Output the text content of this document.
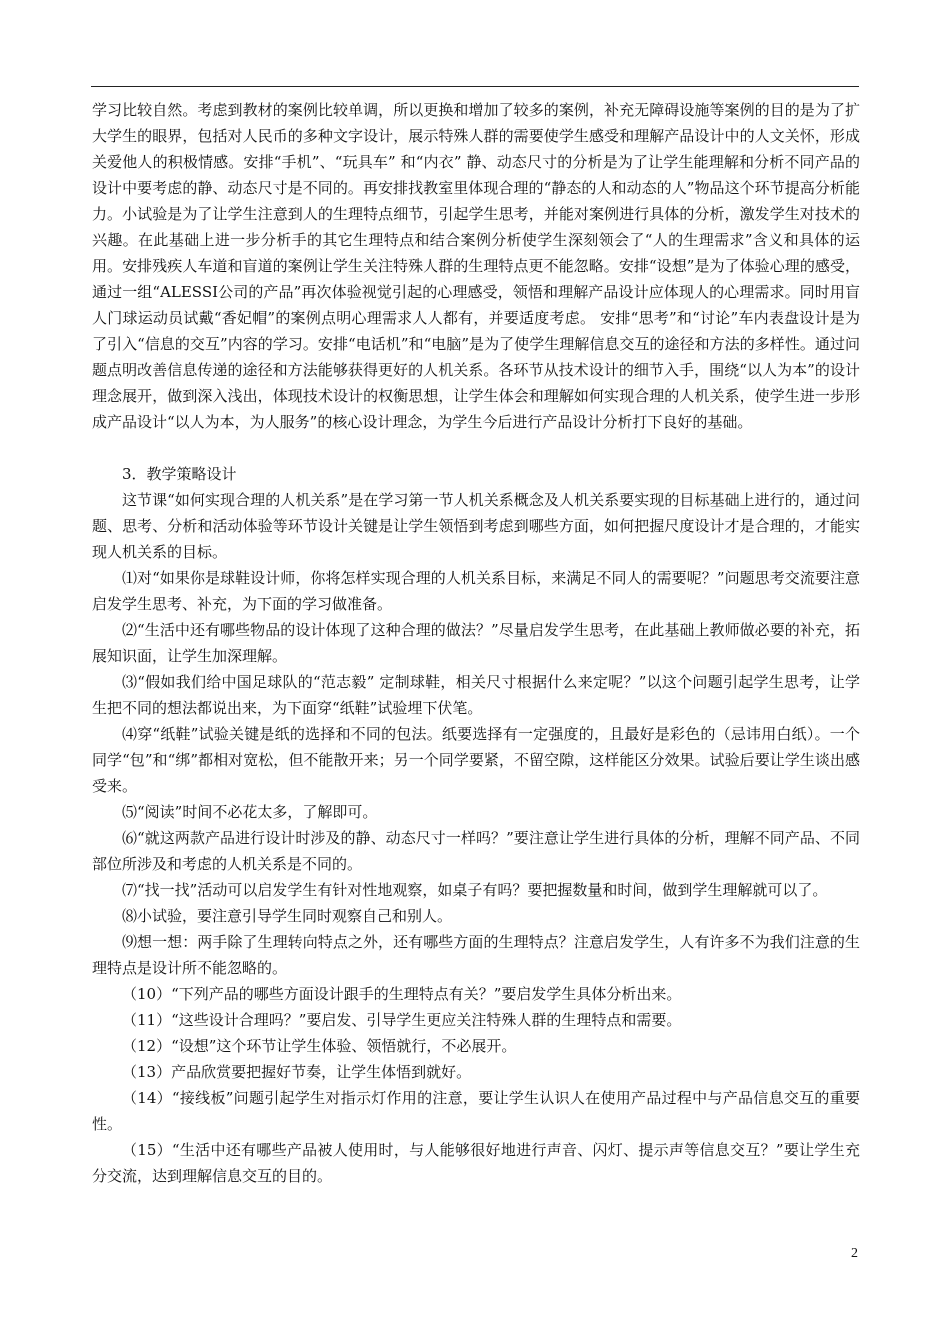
学习比较自然。考虑到教材的案例比较单调，所以更换和增加了较多的案例，补充无障碍设施等案例的目的是为了扩大学生的眼界，包括对人民币的多种文字设计，展示特殊人群的需要使学生感受和理解产品设计中的人文关怀，形成关爱他人的积极情感。安排“手机”、“玩具车” 和“内衣” 静、动态尺寸的分析是为了让学生能理解和分析不同产品的设计中要考虑的静、动态尺寸是不同的。再安排找教室里体现合理的“静态的人和动态的人”物品这个环节提高分析能力。小试验是为了让学生注意到人的生理特点细节，引起学生思考，并能对案例进行具体的分析，激发学生对技术的兴趣。在此基础上进一步分析手的其它生理特点和结合案例分析使学生深刻领会了“人的生理需求”含义和具体的运用。安排残疾人车道和盲道的案例让学生关注特殊人群的生理特点更不能忽略。安排“设想”是为了体验心理的感受，通过一组“ALESSI公司的产品”再次体验视觉引起的心理感受，领悟和理解产品设计应体现人的心理需求。同时用盲人门球运动员试戴“香妃帽”的案例点明心理需求人人都有，并要适度考虑。 安排“思考”和“讨论”车内表盘设计是为了引入“信息的交互”内容的学习。安排“电话机”和“电脑”是为了使学生理解信息交互的途径和方法的多样性。通过问题点明改善信息传递的途径和方法能够获得更好的人机关系。各环节从技术设计的细节入手，围绕“以人为本”的设计理念展开，做到深入浅出，体现技术设计的权衡思想，让学生体会和理解如何实现合理的人机关系，使学生进一步形成产品设计“以人为本，为人服务”的核心设计理念，为学生今后进行产品设计分析打下良好的基础。

3．教学策略设计

这节课“如何实现合理的人机关系”是在学习第一节人机关系概念及人机关系要实现的目标基础上进行的，通过问题、思考、分析和活动体验等环节设计关键是让学生领悟到考虑到哪些方面，如何把握尺度设计才是合理的，才能实现人机关系的目标。

⑴对“如果你是球鞋设计师，你将怎样实现合理的人机关系目标，来满足不同人的需要呢？”问题思考交流要注意启发学生思考、补充，为下面的学习做准备。

⑵“生活中还有哪些物品的设计体现了这种合理的做法？”尽量启发学生思考，在此基础上教师做必要的补充，拓展知识面，让学生加深理解。

⑶“假如我们给中国足球队的“范志毅” 定制球鞋，相关尺寸根据什么来定呢？”以这个问题引起学生思考，让学生把不同的想法都说出来，为下面穿“纸鞋”试验埋下伏笔。

⑷穿“纸鞋”试验关键是纸的选择和不同的包法。纸要选择有一定强度的，且最好是彩色的（忌讳用白纸）。一个同学“包”和“绑”都相对宽松，但不能散开来；另一个同学要紧，不留空隙，这样能区分效果。试验后要让学生谈出感受来。

⑸“阅读”时间不必花太多，了解即可。

⑹“就这两款产品进行设计时涉及的静、动态尺寸一样吗？”要注意让学生进行具体的分析，理解不同产品、不同部位所涉及和考虑的人机关系是不同的。

⑺“找一找”活动可以启发学生有针对性地观察，如桌子有吗？要把握数量和时间，做到学生理解就可以了。

⑻小试验，要注意引导学生同时观察自己和别人。

⑼想一想：两手除了生理转向特点之外，还有哪些方面的生理特点？注意启发学生，人有许多不为我们注意的生理特点是设计所不能忽略的。

（10）“下列产品的哪些方面设计跟手的生理特点有关？”要启发学生具体分析出来。

（11）“这些设计合理吗？”要启发、引导学生更应关注特殊人群的生理特点和需要。

（12）“设想”这个环节让学生体验、领悟就行，不必展开。

（13）产品欣赏要把握好节奏，让学生体悟到就好。

（14）“接线板”问题引起学生对指示灯作用的注意，要让学生认识人在使用产品过程中与产品信息交互的重要性。

（15）“生活中还有哪些产品被人使用时，与人能够很好地进行声音、闪灯、提示声等信息交互？”要让学生充分交流，达到理解信息交互的目的。

2
